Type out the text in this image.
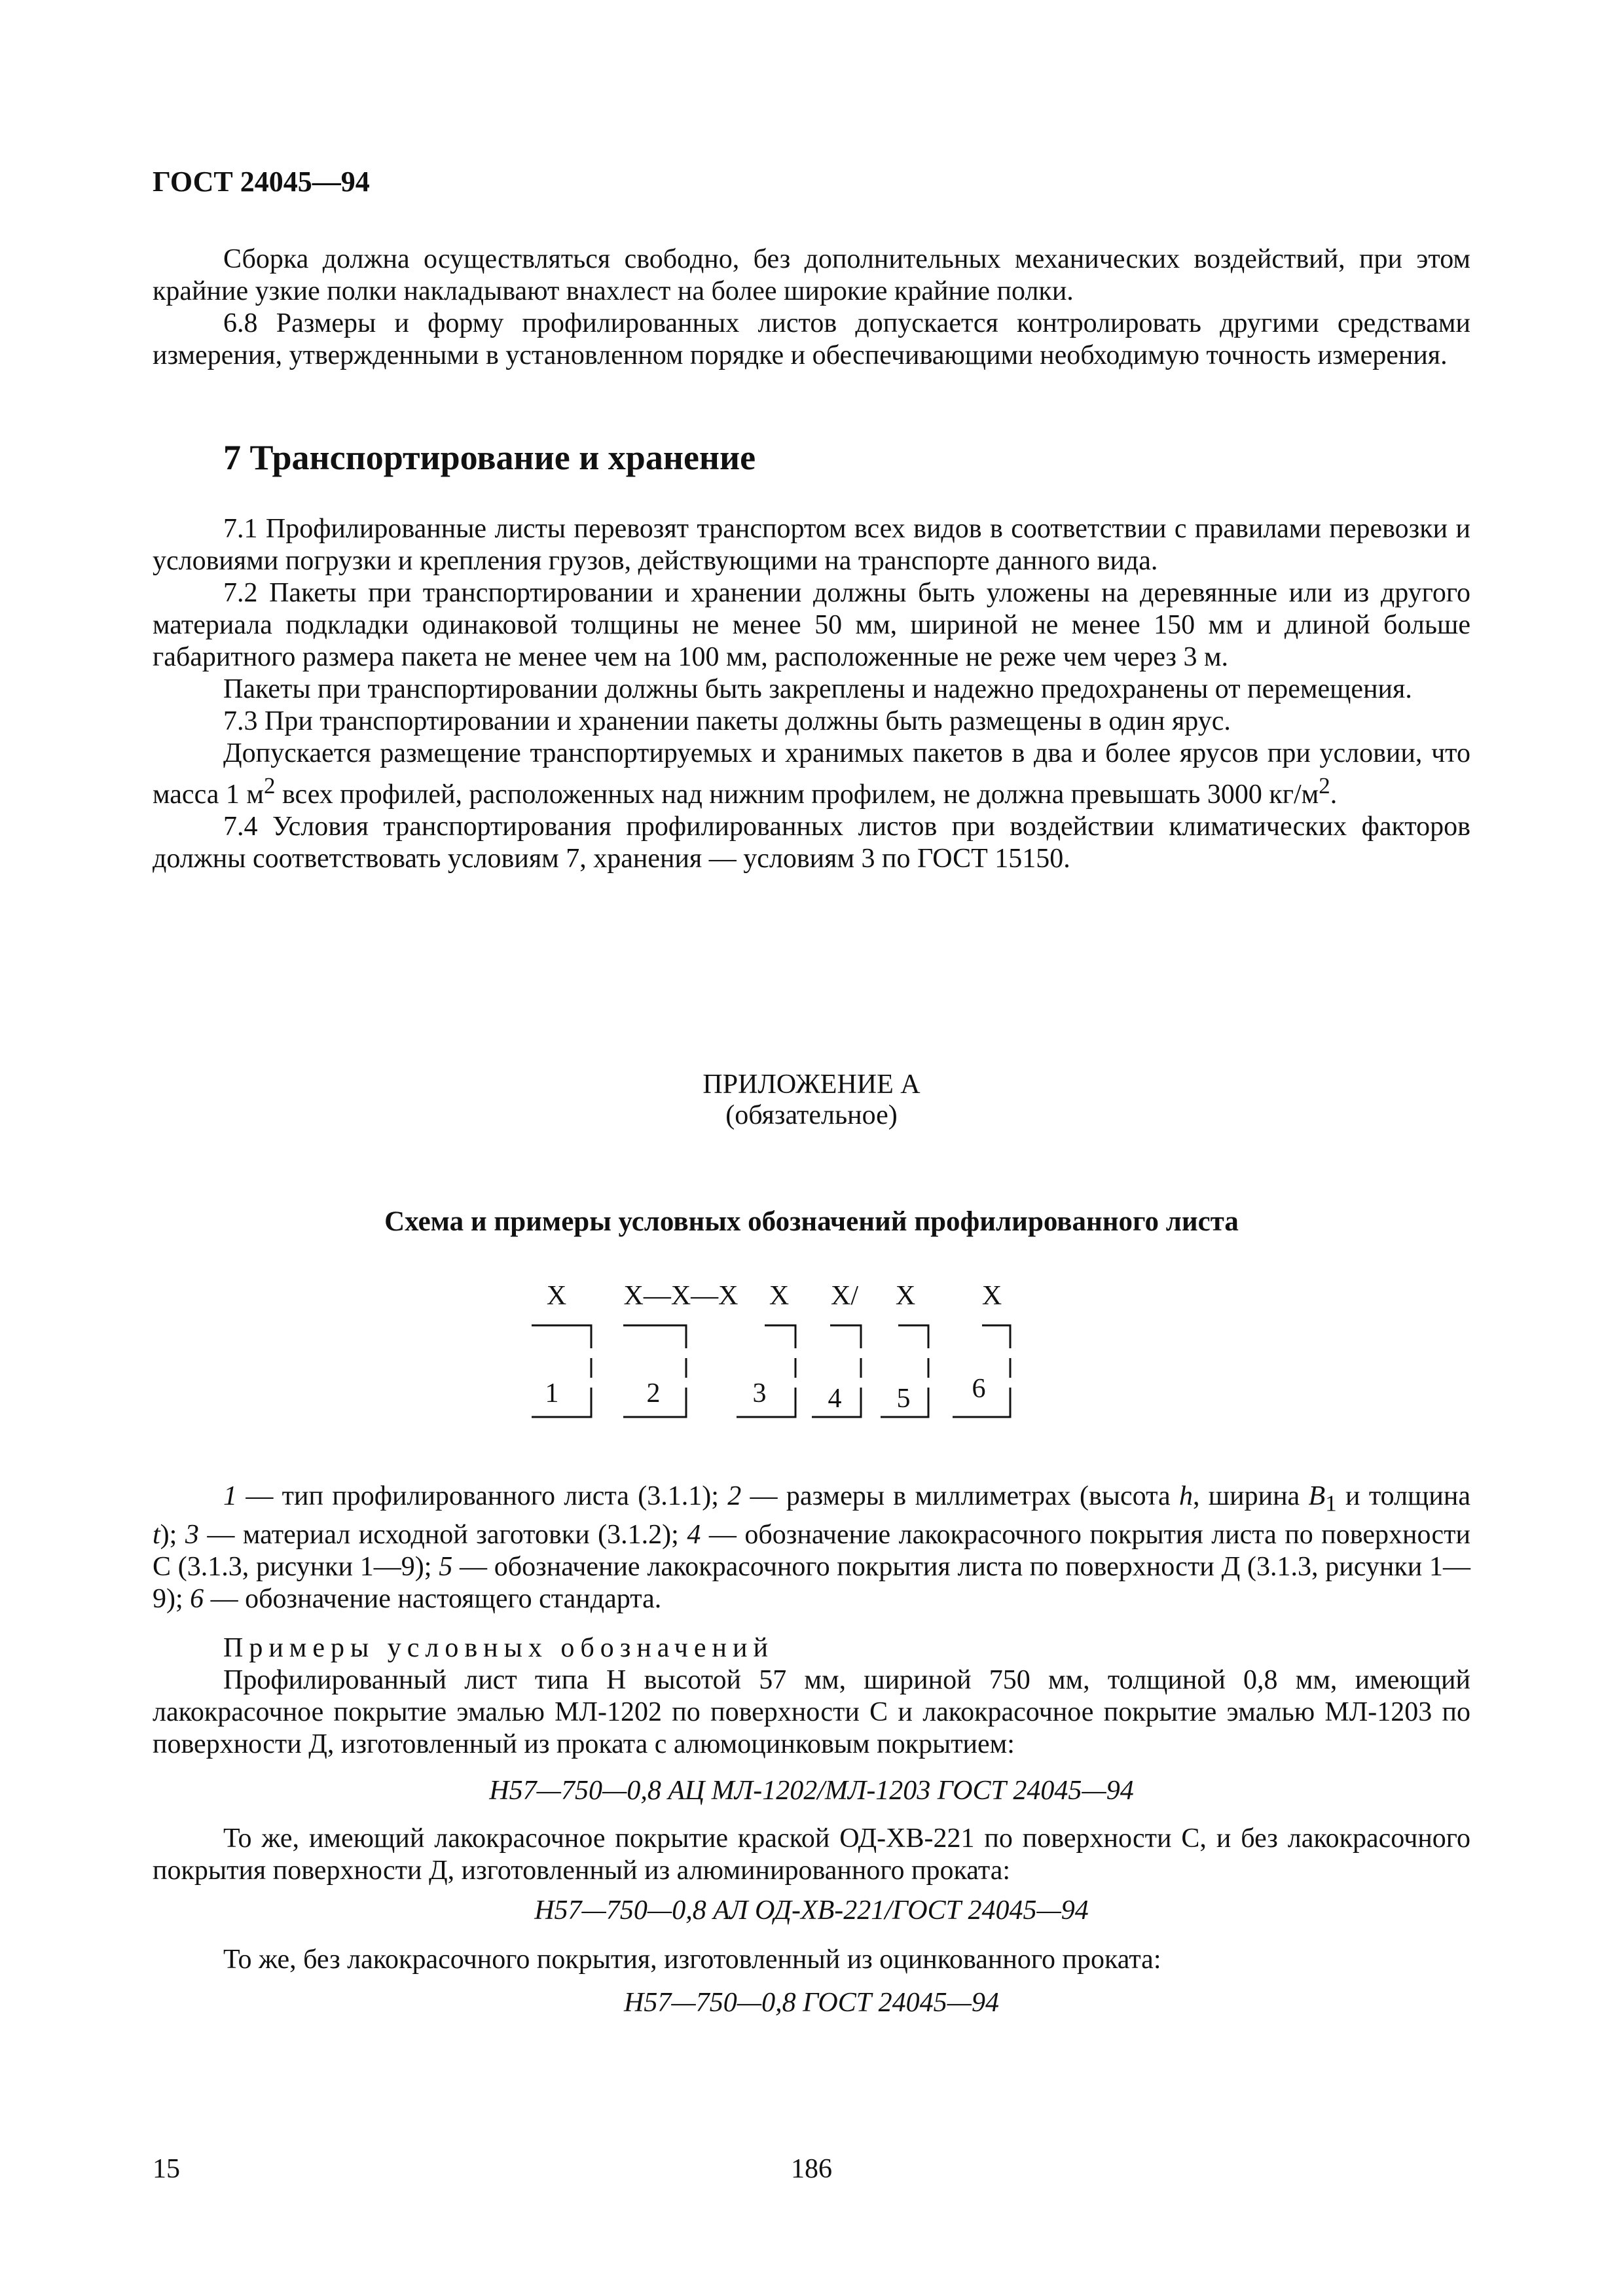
ГОСТ 24045—94

Сборка должна осуществляться свободно, без дополнительных механических воздействий, при этом крайние узкие полки накладывают внахлест на более широкие крайние полки.

6.8 Размеры и форму профилированных листов допускается контролировать другими средствами измерения, утвержденными в установленном порядке и обеспечивающими необходимую точность измерения.

7 Транспортирование и хранение

7.1 Профилированные листы перевозят транспортом всех видов в соответствии с правилами перевозки и условиями погрузки и крепления грузов, действующими на транспорте данного вида.

7.2 Пакеты при транспортировании и хранении должны быть уложены на деревянные или из другого материала подкладки одинаковой толщины не менее 50 мм, шириной не менее 150 мм и длиной больше габаритного размера пакета не менее чем на 100 мм, расположенные не реже чем через 3 м.

Пакеты при транспортировании должны быть закреплены и надежно предохранены от перемещения.

7.3 При транспортировании и хранении пакеты должны быть размещены в один ярус.

Допускается размещение транспортируемых и хранимых пакетов в два и более ярусов при условии, что масса 1 $м^2$ всех профилей, расположенных над нижним профилем, не должна превышать 3000 $кг/м^2$.

7.4 Условия транспортирования профилированных листов при воздействии климатических факторов должны соответствовать условиям 7, хранения — условиям 3 по ГОСТ 15150.

ПРИЛОЖЕНИЕ А
(обязательное)
Схема и примеры условных обозначений профилированного листа
X X—X—X X X/ X X
1	2	3 4 5 6

1 — тип профилированного листа (3.1.1); 2 — размеры в миллиметрах (высота h, ширина $B_1$ и толщина t); 3 — материал исходной заготовки (3.1.2); 4 — обозначение лакокрасочного покрытия листа по поверхности С (3.1.3, рисунки 1—9); 5 — обозначение лакокрасочного покрытия листа по поверхности Д (3.1.3, рисунки 1—9); 6 — обозначение настоящего стандарта.

Примеры условных обозначений

Профилированный лист типа Н высотой 57 мм, шириной 750 мм, толщиной 0,8 мм, имеющий лакокрасочное покрытие эмалью МЛ-1202 по поверхности С и лакокрасочное покрытие эмалью МЛ-1203 по поверхности Д, изготовленный из проката с алюмоцинковым покрытием:

Н57—750—0,8 АЦ МЛ-1202/МЛ-1203 ГОСТ 24045—94

То же, имеющий лакокрасочное покрытие краской ОД-ХВ-221 по поверхности С, и без лакокрасочного покрытия поверхности Д, изготовленный из алюминированного проката:

Н57—750—0,8 АЛ ОД-ХВ-221/ГОСТ 24045—94

То же, без лакокрасочного покрытия, изготовленный из оцинкованного проката:

Н57—750—0,8 ГОСТ 24045—94
15	186
